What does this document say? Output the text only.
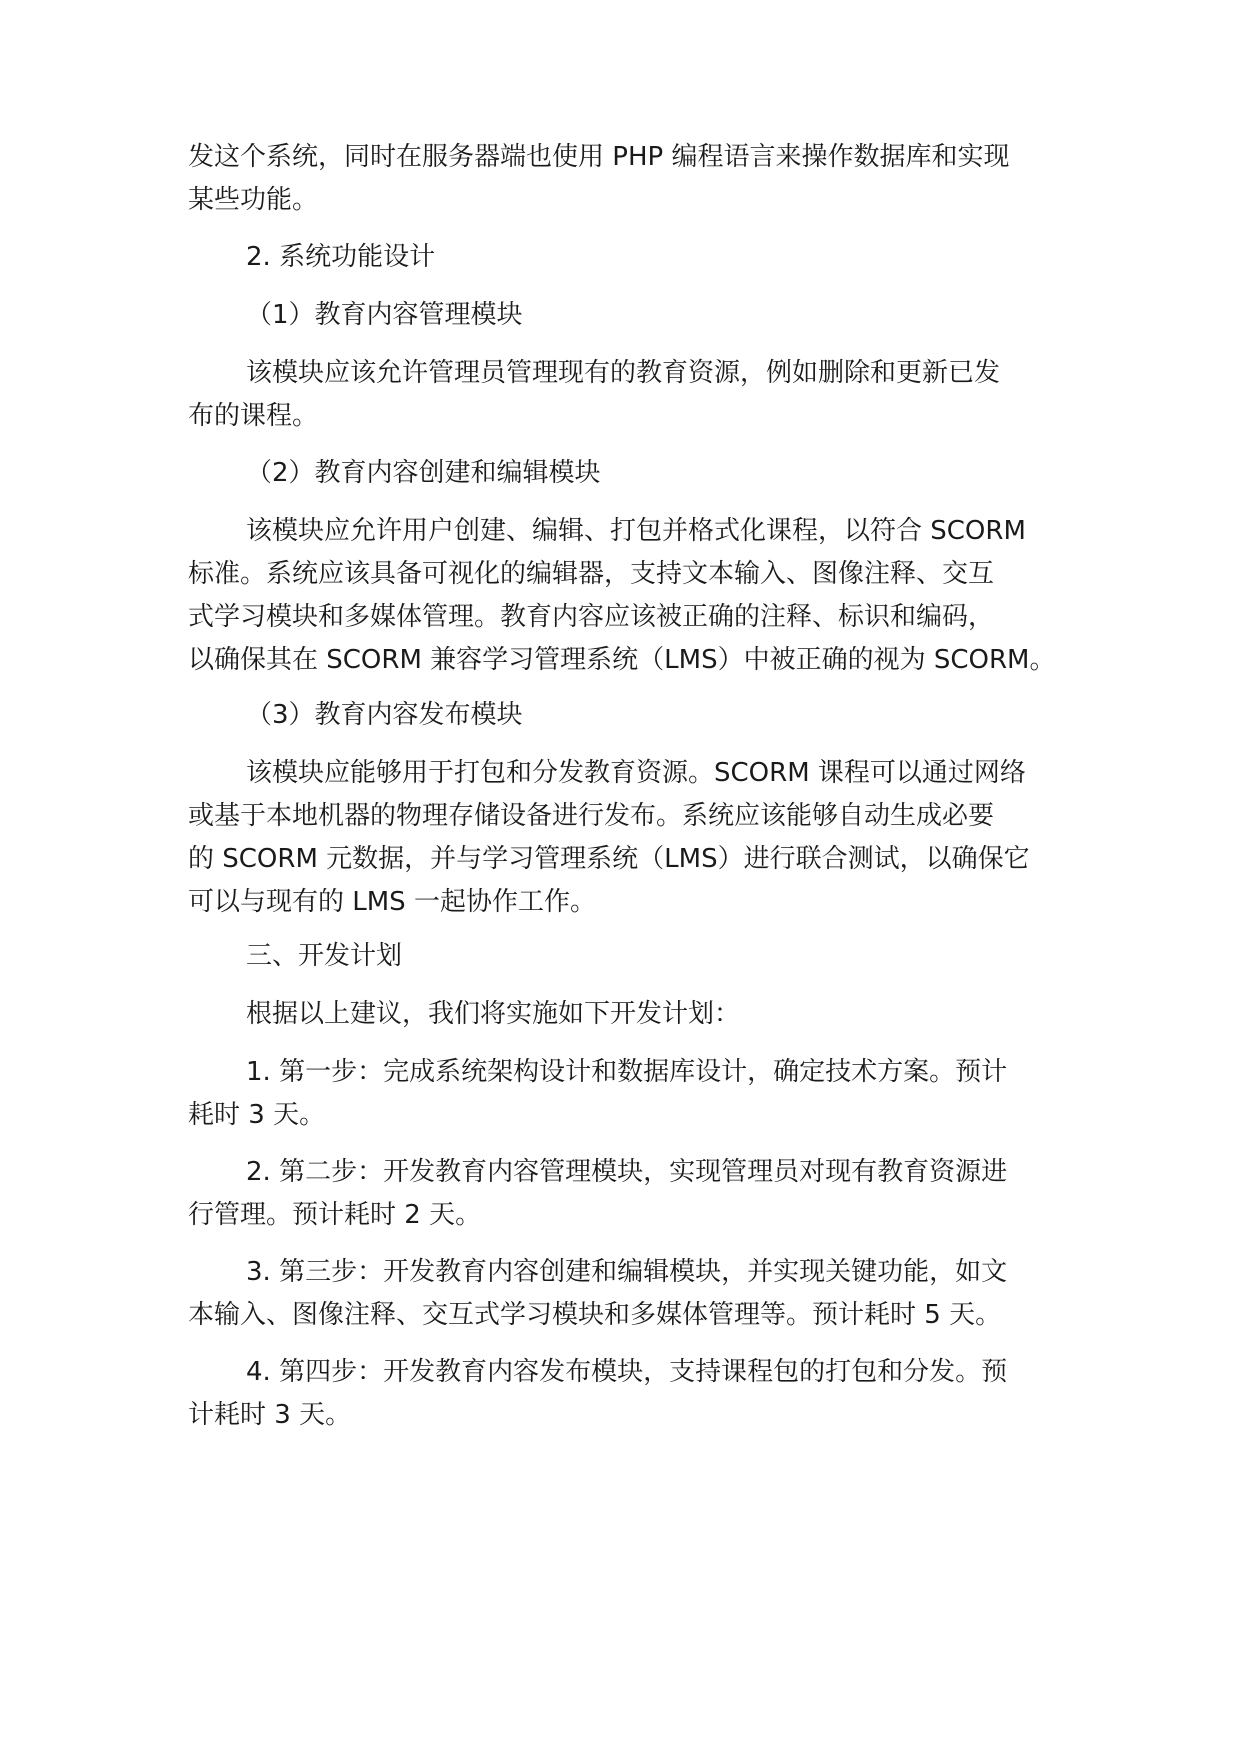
发这个系统，同时在服务器端也使用 PHP 编程语言来操作数据库和实现
某些功能。

2. 系统功能设计

（1）教育内容管理模块

该模块应该允许管理员管理现有的教育资源，例如删除和更新已发
布的课程。

（2）教育内容创建和编辑模块

该模块应允许用户创建、编辑、打包并格式化课程，以符合 SCORM
标准。系统应该具备可视化的编辑器，支持文本输入、图像注释、交互
式学习模块和多媒体管理。教育内容应该被正确的注释、标识和编码，
以确保其在 SCORM 兼容学习管理系统（LMS）中被正确的视为 SCORM。

（3）教育内容发布模块

该模块应能够用于打包和分发教育资源。SCORM 课程可以通过网络
或基于本地机器的物理存储设备进行发布。系统应该能够自动生成必要
的 SCORM 元数据，并与学习管理系统（LMS）进行联合测试，以确保它
可以与现有的 LMS 一起协作工作。

三、开发计划

根据以上建议，我们将实施如下开发计划：

1. 第一步：完成系统架构设计和数据库设计，确定技术方案。预计
耗时 3 天。

2. 第二步：开发教育内容管理模块，实现管理员对现有教育资源进
行管理。预计耗时 2 天。

3. 第三步：开发教育内容创建和编辑模块，并实现关键功能，如文
本输入、图像注释、交互式学习模块和多媒体管理等。预计耗时 5 天。

4. 第四步：开发教育内容发布模块，支持课程包的打包和分发。预
计耗时 3 天。
